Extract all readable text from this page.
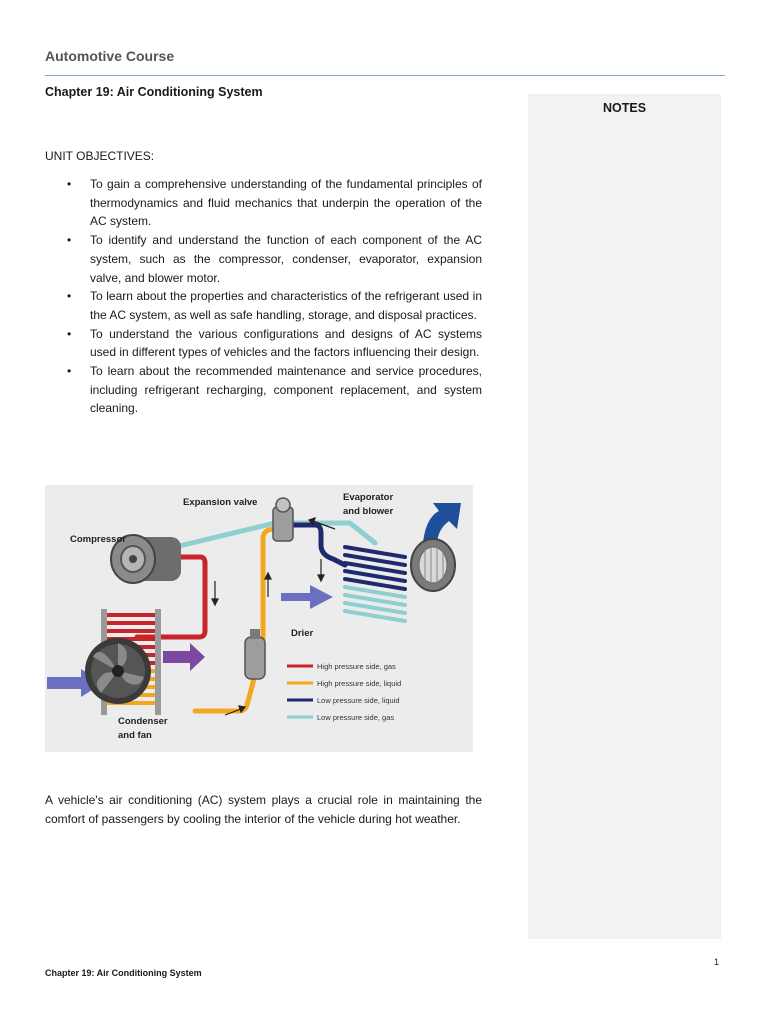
Automotive Course
Chapter 19: Air Conditioning System
NOTES
UNIT OBJECTIVES:
• To gain a comprehensive understanding of the fundamental principles of thermodynamics and fluid mechanics that underpin the operation of the AC system.
• To identify and understand the function of each component of the AC system, such as the compressor, condenser, evaporator, expansion valve, and blower motor.
• To learn about the properties and characteristics of the refrigerant used in the AC system, as well as safe handling, storage, and disposal practices.
• To understand the various configurations and designs of AC systems used in different types of vehicles and the factors influencing their design.
• To learn about the recommended maintenance and service procedures, including refrigerant recharging, component replacement, and system cleaning.
Expansion valve	Evaporator
and blower
Compressor
Drier
Condenser
and fan
High pressure side, gas
High pressure side, liquid
Low pressure side, liquid
Low pressure side, gas

A vehicle's air conditioning (AC) system plays a crucial role in maintaining the comfort of passengers by cooling the interior of the vehicle during hot weather.

1
Chapter 19: Air Conditioning System
